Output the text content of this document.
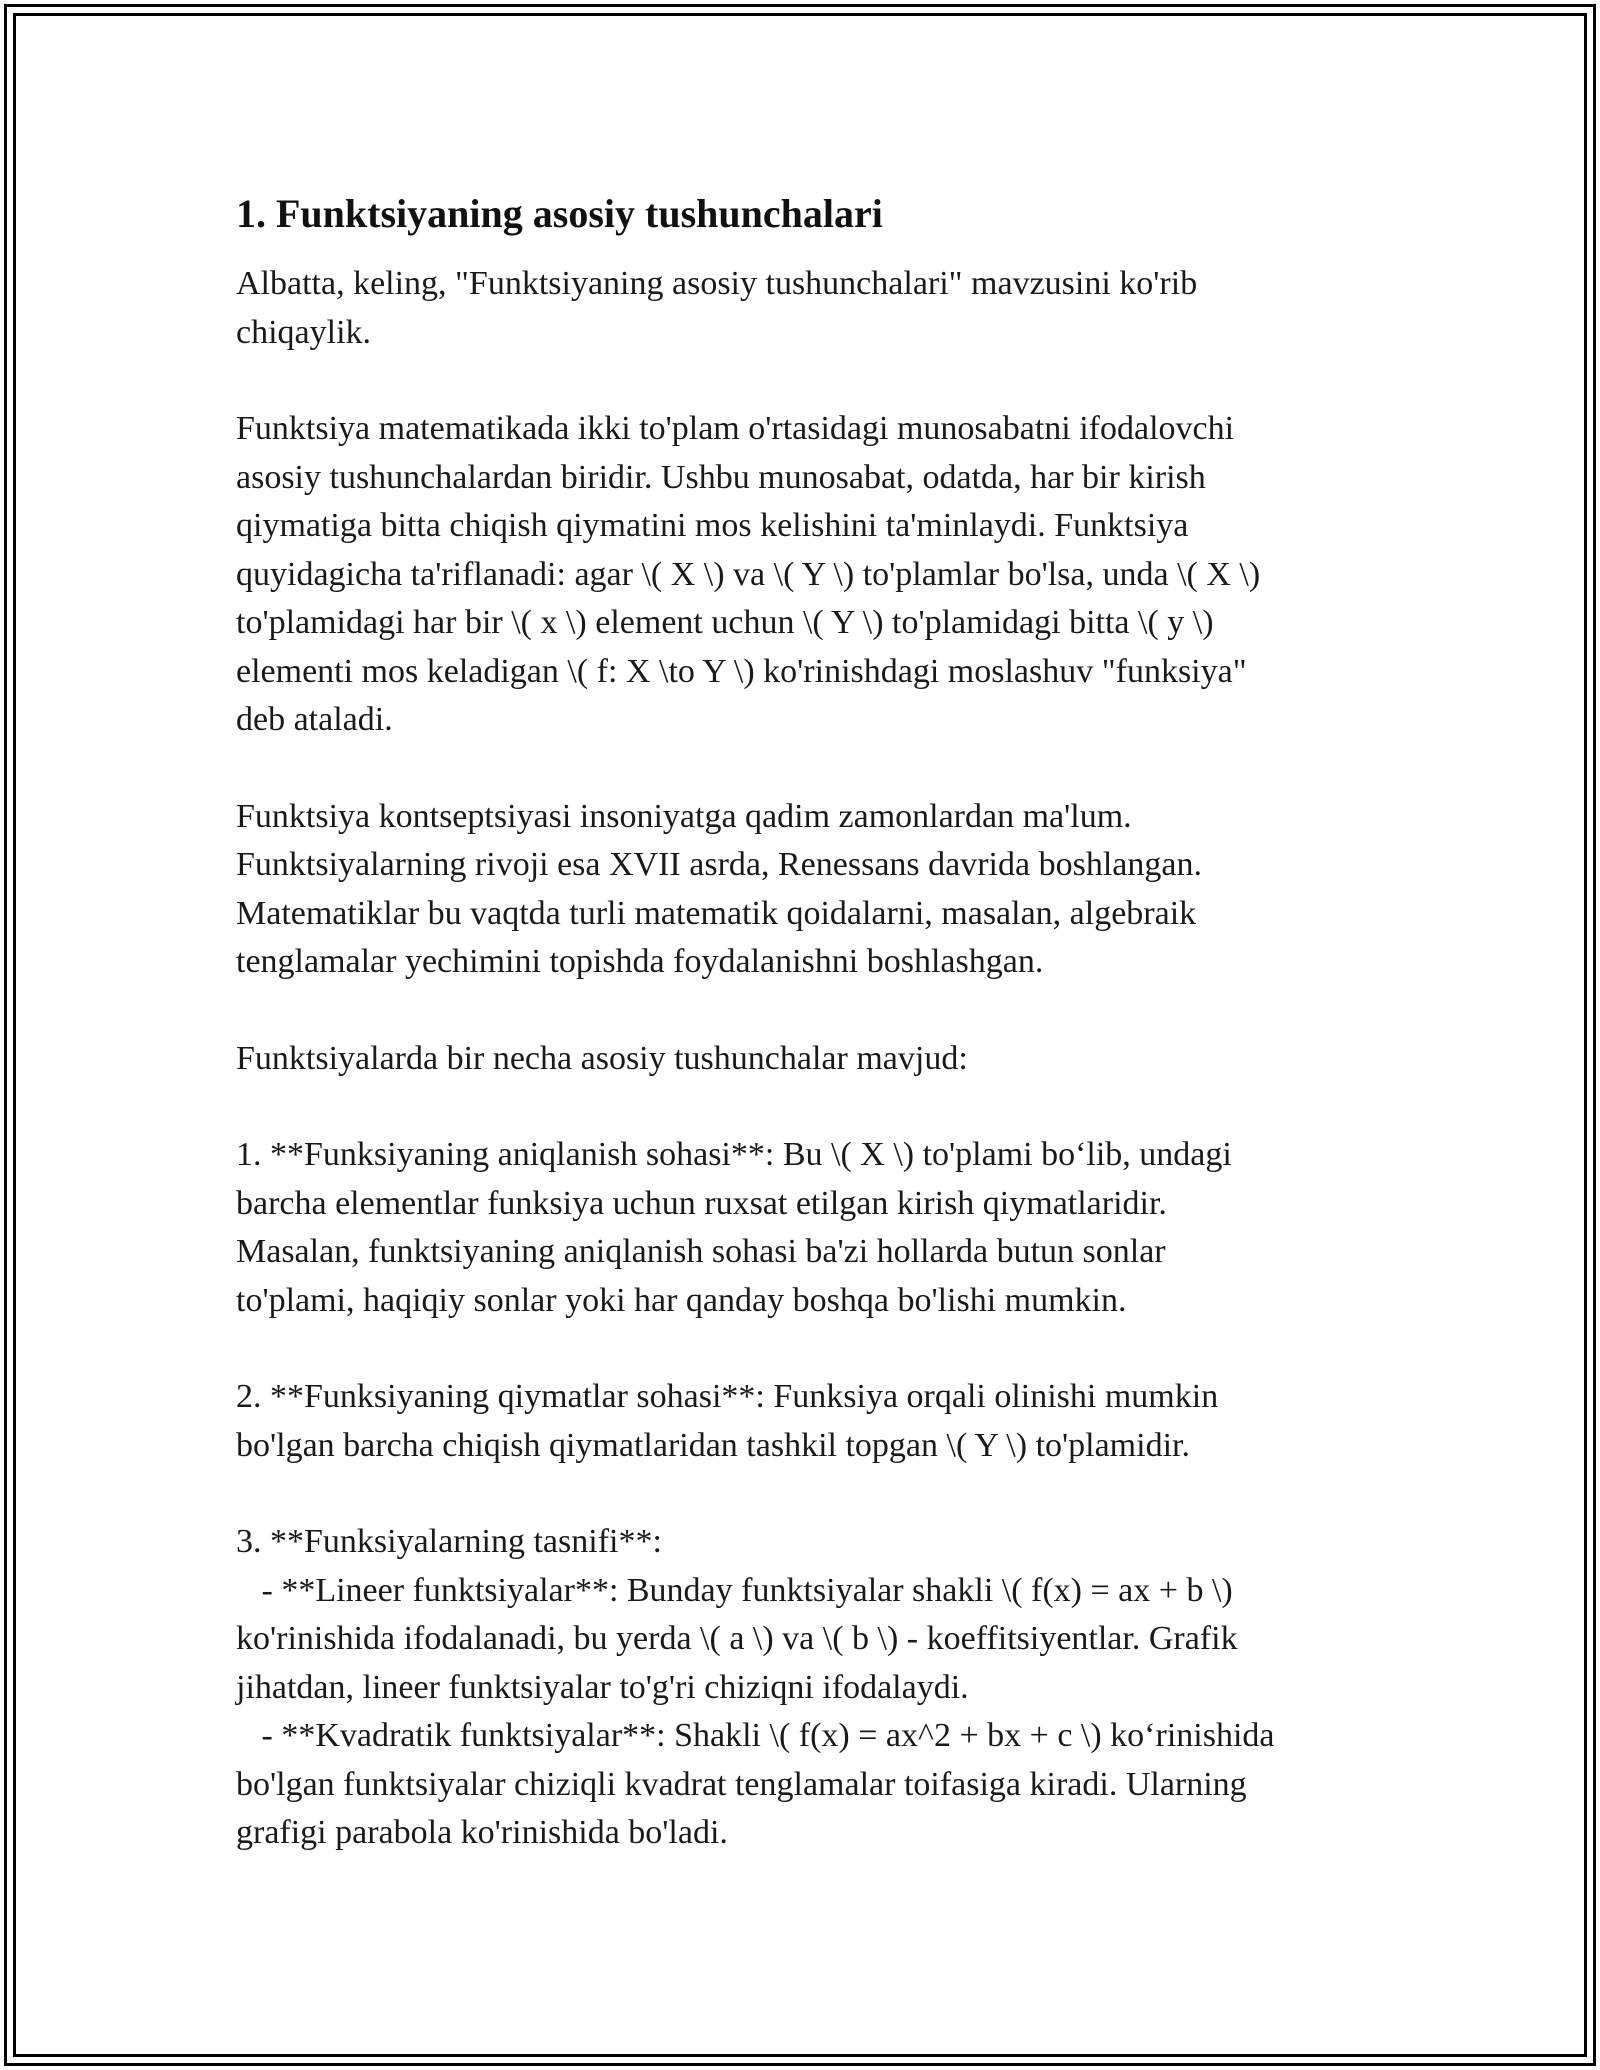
1. Funktsiyaning asosiy tushunchalari

Albatta, keling, "Funktsiyaning asosiy tushunchalari" mavzusini ko'rib
chiqaylik.

Funktsiya matematikada ikki to'plam o'rtasidagi munosabatni ifodalovchi
asosiy tushunchalardan biridir. Ushbu munosabat, odatda, har bir kirish
qiymatiga bitta chiqish qiymatini mos kelishini ta'minlaydi. Funktsiya
quyidagicha ta'riflanadi: agar \( X \) va \( Y \) to'plamlar bo'lsa, unda \( X \)
to'plamidagi har bir \( x \) element uchun \( Y \) to'plamidagi bitta \( y \)
elementi mos keladigan \( f: X \to Y \) ko'rinishdagi moslashuv "funksiya"
deb ataladi.

Funktsiya kontseptsiyasi insoniyatga qadim zamonlardan ma'lum.
Funktsiyalarning rivoji esa XVII asrda, Renessans davrida boshlangan.
Matematiklar bu vaqtda turli matematik qoidalarni, masalan, algebraik
tenglamalar yechimini topishda foydalanishni boshlashgan.

Funktsiyalarda bir necha asosiy tushunchalar mavjud:

1. **Funksiyaning aniqlanish sohasi**: Bu \( X \) to'plami bo‘lib, undagi
barcha elementlar funksiya uchun ruxsat etilgan kirish qiymatlaridir.
Masalan, funktsiyaning aniqlanish sohasi ba'zi hollarda butun sonlar
to'plami, haqiqiy sonlar yoki har qanday boshqa bo'lishi mumkin.

2. **Funksiyaning qiymatlar sohasi**: Funksiya orqali olinishi mumkin
bo'lgan barcha chiqish qiymatlaridan tashkil topgan \( Y \) to'plamidir.

3. **Funksiyalarning tasnifi**:
- **Lineer funktsiyalar**: Bunday funktsiyalar shakli \( f(x) = ax + b \)
ko'rinishida ifodalanadi, bu yerda \( a \) va \( b \) - koeffitsiyentlar. Grafik
jihatdan, lineer funktsiyalar to'g'ri chiziqni ifodalaydi.
- **Kvadratik funktsiyalar**: Shakli \( f(x) = ax^2 + bx + c \) ko‘rinishida
bo'lgan funktsiyalar chiziqli kvadrat tenglamalar toifasiga kiradi. Ularning
grafigi parabola ko'rinishida bo'ladi.
